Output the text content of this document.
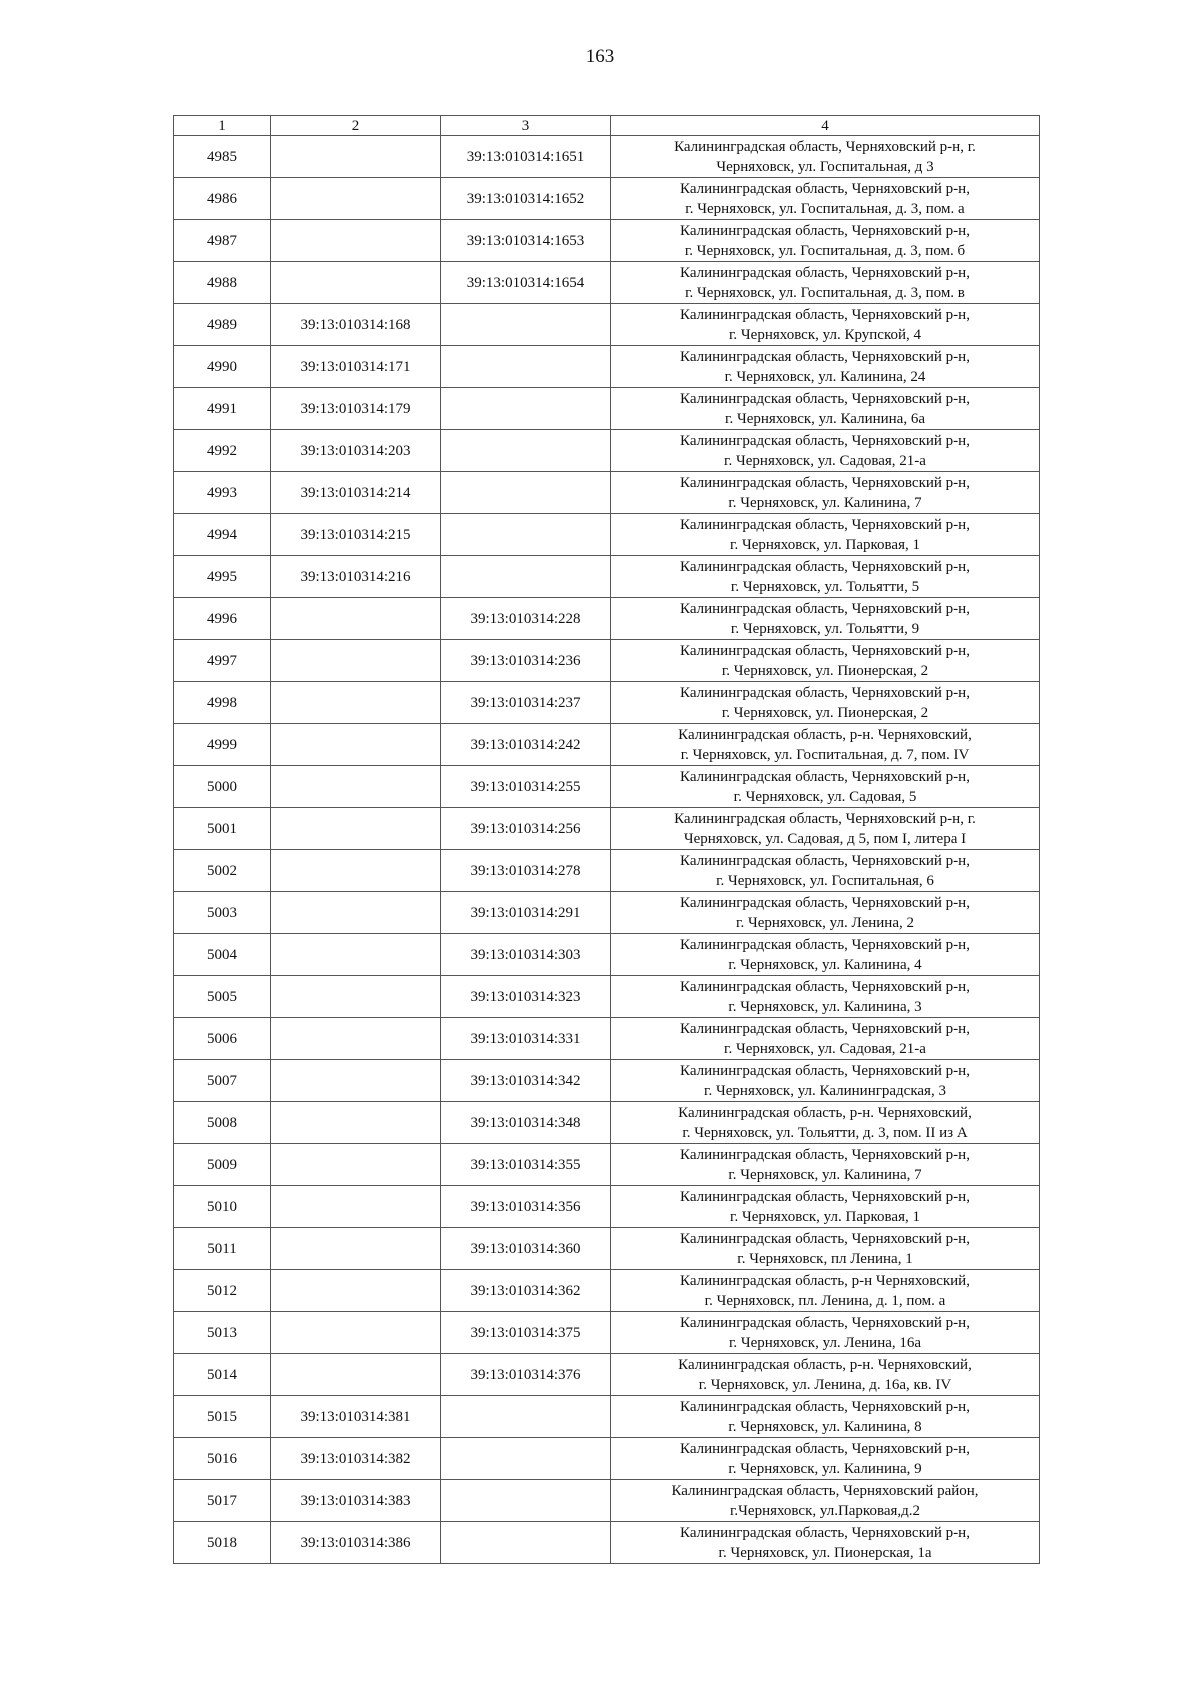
163
1	2	3	4
4985		39:13:010314:1651	Калининградская область, Черняховский р-н, г.
Черняховск, ул. Госпитальная, д 3

4986		39:13:010314:1652	Калининградская область, Черняховский р-н,
г. Черняховск, ул. Госпитальная, д. 3, пом. а

4987		39:13:010314:1653	Калининградская область, Черняховский р-н,
г. Черняховск, ул. Госпитальная, д. 3, пом. б

4988		39:13:010314:1654	Калининградская область, Черняховский р-н,
г. Черняховск, ул. Госпитальная, д. 3, пом. в

4989	39:13:010314:168		Калининградская область, Черняховский р-н,
г. Черняховск, ул. Крупской, 4

4990	39:13:010314:171		Калининградская область, Черняховский р-н,
г. Черняховск, ул. Калинина, 24

4991	39:13:010314:179		Калининградская область, Черняховский р-н,
г. Черняховск, ул. Калинина, 6а

4992	39:13:010314:203		Калининградская область, Черняховский р-н,
г. Черняховск, ул. Садовая, 21-а

4993	39:13:010314:214		Калининградская область, Черняховский р-н,
г. Черняховск, ул. Калинина, 7

4994	39:13:010314:215		Калининградская область, Черняховский р-н,
г. Черняховск, ул. Парковая, 1

4995	39:13:010314:216		Калининградская область, Черняховский р-н,
г. Черняховск, ул. Тольятти, 5

4996		39:13:010314:228	Калининградская область, Черняховский р-н,
г. Черняховск, ул. Тольятти, 9

4997		39:13:010314:236	Калининградская область, Черняховский р-н,
г. Черняховск, ул. Пионерская, 2

4998		39:13:010314:237	Калининградская область, Черняховский р-н,
г. Черняховск, ул. Пионерская, 2

4999		39:13:010314:242	Калининградская область, р-н. Черняховский,
г. Черняховск, ул. Госпитальная, д. 7, пом. IV

5000		39:13:010314:255	Калининградская область, Черняховский р-н,
г. Черняховск, ул. Садовая, 5

5001		39:13:010314:256	Калининградская область, Черняховский р-н, г.
Черняховск, ул. Садовая, д 5, пом I, литера I

5002		39:13:010314:278	Калининградская область, Черняховский р-н,
г. Черняховск, ул. Госпитальная, 6

5003		39:13:010314:291	Калининградская область, Черняховский р-н,
г. Черняховск, ул. Ленина, 2

5004		39:13:010314:303	Калининградская область, Черняховский р-н,
г. Черняховск, ул. Калинина, 4

5005		39:13:010314:323	Калининградская область, Черняховский р-н,
г. Черняховск, ул. Калинина, 3

5006		39:13:010314:331	Калининградская область, Черняховский р-н,
г. Черняховск, ул. Садовая, 21-а

5007		39:13:010314:342	Калининградская область, Черняховский р-н,
г. Черняховск, ул. Калининградская, 3

5008		39:13:010314:348	Калининградская область, р-н. Черняховский,
г. Черняховск, ул. Тольятти, д. 3, пом. II из А

5009		39:13:010314:355	Калининградская область, Черняховский р-н,
г. Черняховск, ул. Калинина, 7

5010		39:13:010314:356	Калининградская область, Черняховский р-н,
г. Черняховск, ул. Парковая, 1

5011		39:13:010314:360	Калининградская область, Черняховский р-н,
г. Черняховск, пл Ленина, 1

5012		39:13:010314:362	Калининградская область, р-н Черняховский,
г. Черняховск, пл. Ленина, д. 1, пом. а

5013		39:13:010314:375	Калининградская область, Черняховский р-н,
г. Черняховск, ул. Ленина, 16а

5014		39:13:010314:376	Калининградская область, р-н. Черняховский,
г. Черняховск, ул. Ленина, д. 16а, кв. IV

5015	39:13:010314:381		Калининградская область, Черняховский р-н,
г. Черняховск, ул. Калинина, 8

5016	39:13:010314:382		Калининградская область, Черняховский р-н,
г. Черняховск, ул. Калинина, 9

5017	39:13:010314:383		Калининградская область, Черняховский район,
г.Черняховск, ул.Парковая,д.2

5018	39:13:010314:386		Калининградская область, Черняховский р-н,
г. Черняховск, ул. Пионерская, 1а
